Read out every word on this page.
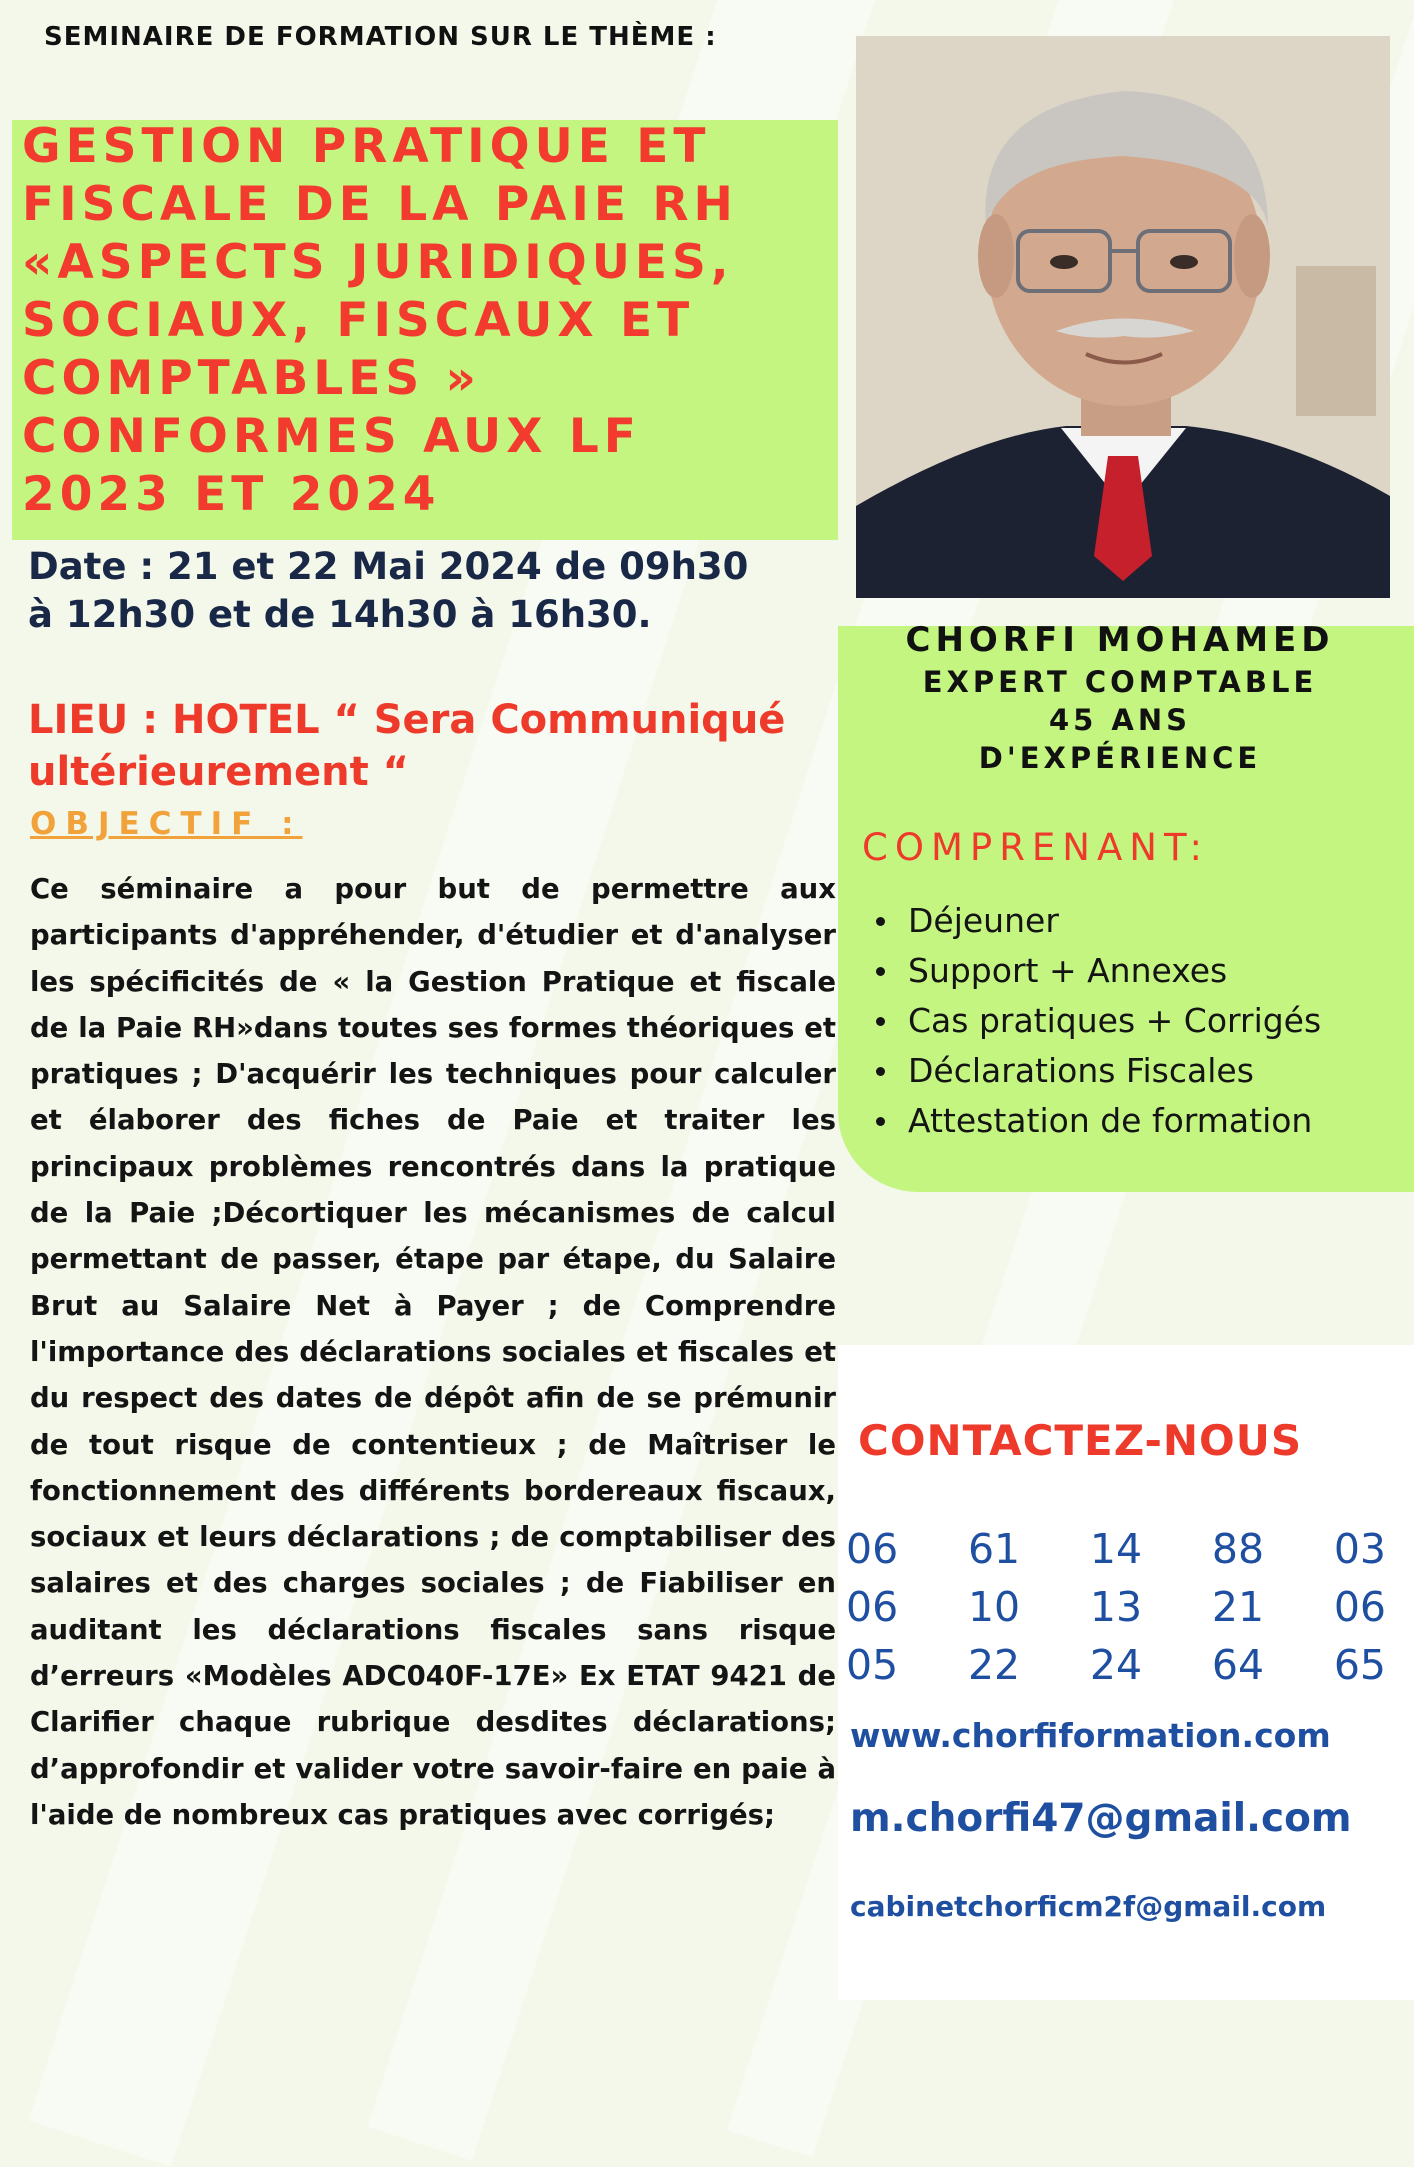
SEMINAIRE DE FORMATION SUR LE THÈME :
GESTION PRATIQUE ET
FISCALE DE LA PAIE RH
«ASPECTS JURIDIQUES,
SOCIAUX, FISCAUX ET
COMPTABLES »
CONFORMES AUX LF
2023 ET 2024
Date : 21 et 22 Mai 2024 de 09h30
à 12h30 et de 14h30 à 16h30.
LIEU : HOTEL “ Sera Communiqué
ultérieurement “
OBJECTIF :
Ce séminaire a pour but de permettre aux participants d'appréhender, d'étudier et d'analyser les spécificités de « la Gestion Pratique et fiscale de la Paie RH»dans toutes ses formes théoriques et pratiques ; D'acquérir les techniques pour calculer et élaborer des fiches de Paie et traiter les principaux problèmes rencontrés dans la pratique de la Paie ;Décortiquer les mécanismes de calcul permettant de passer, étape par étape, du Salaire Brut au Salaire Net à Payer ; de Comprendre l'importance des déclarations sociales et fiscales et du respect des dates de dépôt afin de se prémunir de tout risque de contentieux ; de Maîtriser le fonctionnement des différents bordereaux fiscaux, sociaux et leurs déclarations ; de comptabiliser des salaires et des charges sociales ; de Fiabiliser en auditant les déclarations fiscales sans risque d’erreurs «Modèles ADC040F-17E» Ex ETAT 9421 de Clarifier chaque rubrique desdites déclarations; d’approfondir et valider votre savoir-faire en paie à l'aide de nombreux cas pratiques avec corrigés;
CHORFI MOHAMED
EXPERT COMPTABLE
45 ANS
D'EXPÉRIENCE
COMPRENANT:
Déjeuner
Support + Annexes
Cas pratiques + Corrigés
Déclarations Fiscales
Attestation de formation
CONTACTEZ-NOUS
06 61 14 88 03
06 10 13 21 06
05 22 24 64 65
www.chorfiformation.com
m.chorfi47@gmail.com
cabinetchorficm2f@gmail.com
